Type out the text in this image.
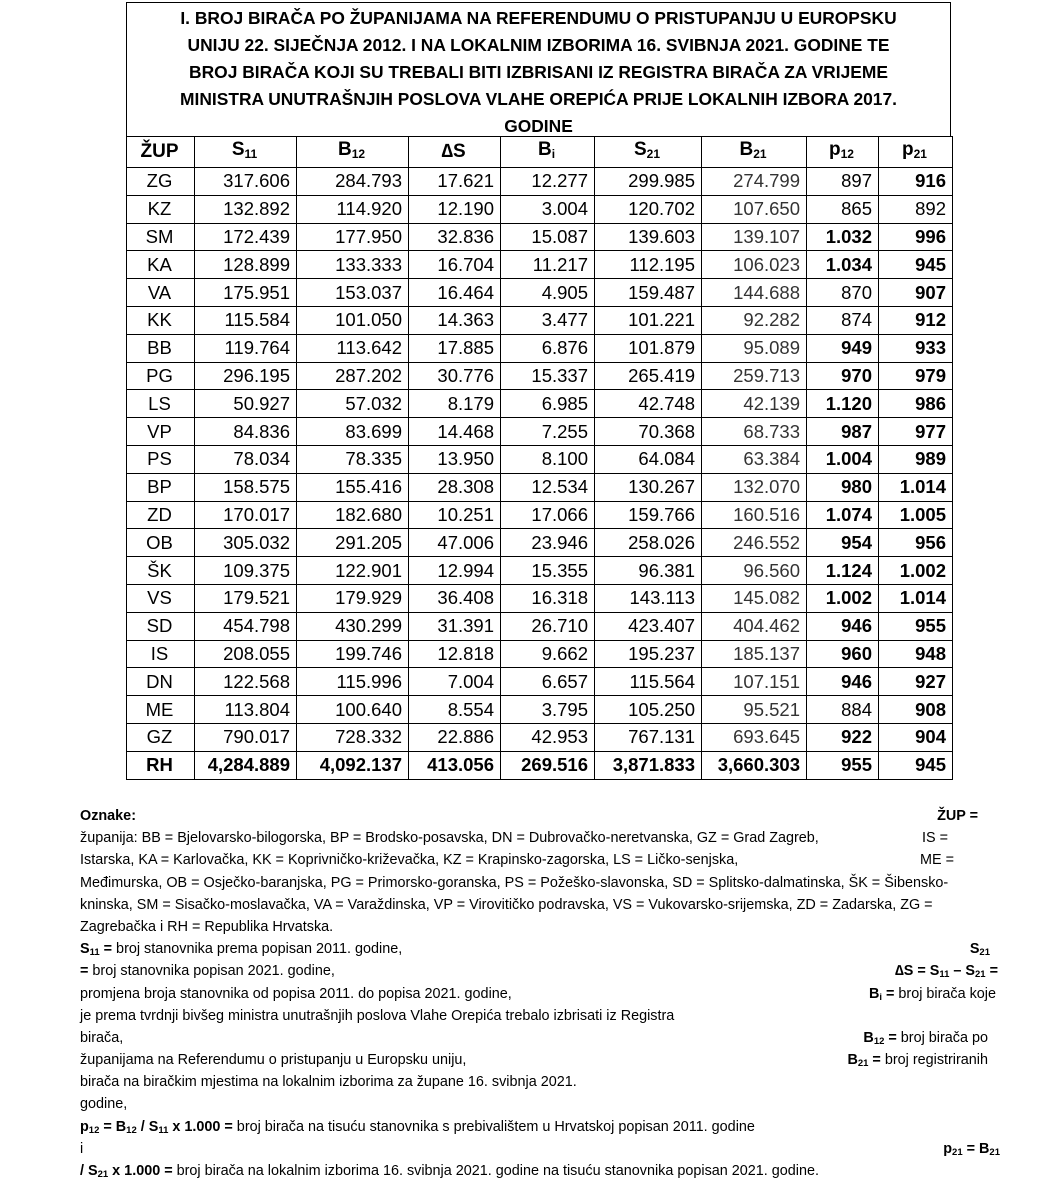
I. BROJ BIRAČA PO ŽUPANIJAMA NA REFERENDUMU O PRISTUPANJU U EUROPSKU
UNIJU 22. SIJEČNJA 2012. I NA LOKALNIM IZBORIMA 16. SVIBNJA 2021. GODINE TE
BROJ BIRAČA KOJI SU TREBALI BITI IZBRISANI IZ REGISTRA BIRAČA ZA VRIJEME
MINISTRA UNUTRAŠNJIH POSLOVA VLAHE OREPIĆA PRIJE LOKALNIH IZBORA 2017.
GODINE
ŽUP	$S_{11}$	$B_{12}$	∆S	$B_i$	$S_{21}$	$B_{21}$	$p_{12}$	$p_{21}$
ZG	317.606	284.793	17.621	12.277	299.985	274.799	897	916
KZ	132.892	114.920	12.190	3.004	120.702	107.650	865	892
SM	172.439	177.950	32.836	15.087	139.603	139.107	1.032	996
KA	128.899	133.333	16.704	11.217	112.195	106.023	1.034	945
VA	175.951	153.037	16.464	4.905	159.487	144.688	870	907
KK	115.584	101.050	14.363	3.477	101.221	92.282	874	912
BB	119.764	113.642	17.885	6.876	101.879	95.089	949	933
PG	296.195	287.202	30.776	15.337	265.419	259.713	970	979
LS	50.927	57.032	8.179	6.985	42.748	42.139	1.120	986
VP	84.836	83.699	14.468	7.255	70.368	68.733	987	977
PS	78.034	78.335	13.950	8.100	64.084	63.384	1.004	989
BP	158.575	155.416	28.308	12.534	130.267	132.070	980	1.014
ZD	170.017	182.680	10.251	17.066	159.766	160.516	1.074	1.005
OB	305.032	291.205	47.006	23.946	258.026	246.552	954	956
ŠK	109.375	122.901	12.994	15.355	96.381	96.560	1.124	1.002
VS	179.521	179.929	36.408	16.318	143.113	145.082	1.002	1.014
SD	454.798	430.299	31.391	26.710	423.407	404.462	946	955
IS	208.055	199.746	12.818	9.662	195.237	185.137	960	948
DN	122.568	115.996	7.004	6.657	115.564	107.151	946	927
ME	113.804	100.640	8.554	3.795	105.250	95.521	884	908
GZ	790.017	728.332	22.886	42.953	767.131	693.645	922	904
RH	4,284.889	4,092.137	413.056	269.516	3,871.833	3,660.303	955	945
Oznake:	ŽUP =
županija: BB = Bjelovarsko-bilogorska, BP = Brodsko-posavska, DN = Dubrovačko-neretvanska, GZ = Grad Zagreb,	IS =
Istarska, KA = Karlovačka, KK = Koprivničko-križevačka, KZ = Krapinsko-zagorska, LS = Ličko-senjska,	ME =
Međimurska, OB = Osječko-baranjska, PG = Primorsko-goranska, PS = Požeško-slavonska, SD = Splitsko-dalmatinska, ŠK = Šibensko-
kninska, SM = Sisačko-moslavačka, VA = Varaždinska, VP = Virovitičko podravska, VS = Vukovarsko-srijemska, ZD = Zadarska, ZG =
Zagrebačka i RH = Republika Hrvatska.
$S_{11}$ = broj stanovnika prema popisan 2011. godine,	$S_{21}$
= broj stanovnika popisan 2021. godine,	$\Delta S = S_{11} - S_{21}$ =
promjena broja stanovnika od popisa 2011. do popisa 2021. godine,	$B_i$ = broj birača koje
je prema tvrdnji bivšeg ministra unutrašnjih poslova Vlahe Orepića trebalo izbrisati iz Registra
birača,	$B_{12}$ = broj birača po
županijama na Referendumu o pristupanju u Europsku uniju,	$B_{21}$ = broj registriranih
birača na biračkim mjestima na lokalnim izborima za župane 16. svibnja 2021.
godine,
$p_{12} = B_{12} / S_{11}$ x 1.000 = broj birača na tisuću stanovnika s prebivalištem u Hrvatskoj popisan 2011. godine
i	$p_{21} = B_{21}$
/ $S_{21}$ x 1.000 = broj birača na lokalnim izborima 16. svibnja 2021. godine na tisuću stanovnika popisan 2021. godine.
